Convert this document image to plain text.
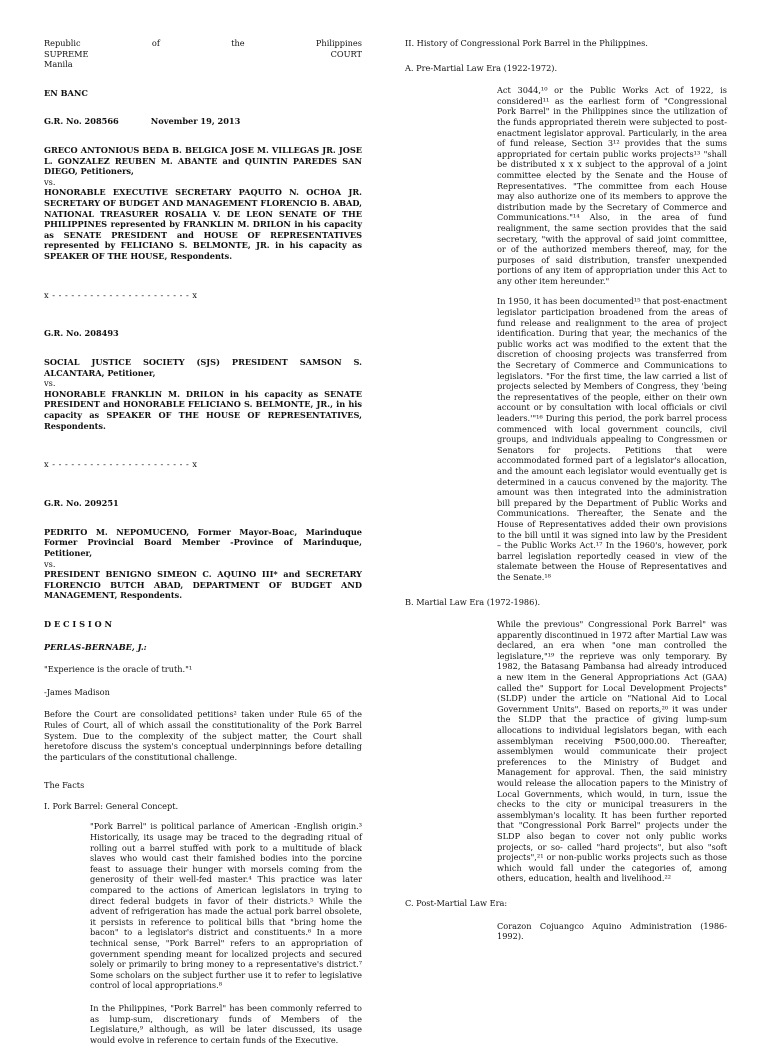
Republic	of	the	Philippines
SUPREME	COURT

Manila

EN BANC

G.R. No. 208566	November 19, 2013

GRECO ANTONIOUS BEDA B. BELGICA JOSE M. VILLEGAS JR. JOSE L. GONZALEZ REUBEN M. ABANTE and QUINTIN PAREDES SAN DIEGO, Petitioners,

vs.

HONORABLE EXECUTIVE SECRETARY PAQUITO N. OCHOA JR. SECRETARY OF BUDGET AND MANAGEMENT FLORENCIO B. ABAD, NATIONAL TREASURER ROSALIA V. DE LEON SENATE OF THE PHILIPPINES represented by FRANKLIN M. DRILON in his capacity as SENATE PRESIDENT and HOUSE OF REPRESENTATIVES represented by FELICIANO S. BELMONTE, JR. in his capacity as SPEAKER OF THE HOUSE, Respondents.

x - - - - - - - - - - - - - - - - - - - - - - x

G.R. No. 208493

SOCIAL JUSTICE SOCIETY (SJS) PRESIDENT SAMSON S. ALCANTARA, Petitioner,

vs.

HONORABLE FRANKLIN M. DRILON in his capacity as SENATE PRESIDENT and HONORABLE FELICIANO S. BELMONTE, JR., in his capacity as SPEAKER OF THE HOUSE OF REPRESENTATIVES, Respondents.

x - - - - - - - - - - - - - - - - - - - - - - x

G.R. No. 209251

PEDRITO M. NEPOMUCENO, Former Mayor-Boac, Marinduque Former Provincial Board Member -Province of Marinduque, Petitioner,

vs.

PRESIDENT BENIGNO SIMEON C. AQUINO III* and SECRETARY FLORENCIO BUTCH ABAD, DEPARTMENT OF BUDGET AND MANAGEMENT, Respondents.

D E C I S I O N

PERLAS-BERNABE, J.:

"Experience is the oracle of truth."¹

-James Madison

Before the Court are consolidated petitions² taken under Rule 65 of the Rules of Court, all of which assail the constitutionality of the Pork Barrel System. Due to the complexity of the subject matter, the Court shall heretofore discuss the system's conceptual underpinnings before detailing the particulars of the constitutional challenge.

The Facts

I. Pork Barrel: General Concept.

"Pork Barrel" is political parlance of American -English origin.³ Historically, its usage may be traced to the degrading ritual of rolling out a barrel stuffed with pork to a multitude of black slaves who would cast their famished bodies into the porcine feast to assuage their hunger with morsels coming from the generosity of their well-fed master.⁴ This practice was later compared to the actions of American legislators in trying to direct federal budgets in favor of their districts.⁵ While the advent of refrigeration has made the actual pork barrel obsolete, it persists in reference to political bills that "bring home the bacon" to a legislator's district and constituents.⁶ In a more technical sense, "Pork Barrel" refers to an appropriation of government spending meant for localized projects and secured solely or primarily to bring money to a representative's district.⁷ Some scholars on the subject further use it to refer to legislative control of local appropriations.⁸

In the Philippines, "Pork Barrel" has been commonly referred to as lump-sum, discretionary funds of Members of the Legislature,⁹ although, as will be later discussed, its usage would evolve in reference to certain funds of the Executive.

II. History of Congressional Pork Barrel in the Philippines.

A. Pre-Martial Law Era (1922-1972).

Act 3044,¹⁰ or the Public Works Act of 1922, is considered¹¹ as the earliest form of "Congressional Pork Barrel" in the Philippines since the utilization of the funds appropriated therein were subjected to post-enactment legislator approval. Particularly, in the area of fund release, Section 3¹² provides that the sums appropriated for certain public works projects¹³ "shall be distributed x x x subject to the approval of a joint committee elected by the Senate and the House of Representatives. "The committee from each House may also authorize one of its members to approve the distribution made by the Secretary of Commerce and Communications."¹⁴ Also, in the area of fund realignment, the same section provides that the said secretary, "with the approval of said joint committee, or of the authorized members thereof, may, for the purposes of said distribution, transfer unexpended portions of any item of appropriation under this Act to any other item hereunder."

In 1950, it has been documented¹⁵ that post-enactment legislator participation broadened from the areas of fund release and realignment to the area of project identification. During that year, the mechanics of the public works act was modified to the extent that the discretion of choosing projects was transferred from the Secretary of Commerce and Communications to legislators. "For the first time, the law carried a list of projects selected by Members of Congress, they 'being the representatives of the people, either on their own account or by consultation with local officials or civil leaders.'"¹⁶ During this period, the pork barrel process commenced with local government councils, civil groups, and individuals appealing to Congressmen or Senators for projects. Petitions that were accommodated formed part of a legislator's allocation, and the amount each legislator would eventually get is determined in a caucus convened by the majority. The amount was then integrated into the administration bill prepared by the Department of Public Works and Communications. Thereafter, the Senate and the House of Representatives added their own provisions to the bill until it was signed into law by the President – the Public Works Act.¹⁷ In the 1960's, however, pork barrel legislation reportedly ceased in view of the stalemate between the House of Representatives and the Senate.¹⁸

B. Martial Law Era (1972-1986).

While the previous" Congressional Pork Barrel" was apparently discontinued in 1972 after Martial Law was declared, an era when "one man controlled the legislature,"¹⁹ the reprieve was only temporary. By 1982, the Batasang Pambansa had already introduced a new item in the General Appropriations Act (GAA) called the" Support for Local Development Projects" (SLDP) under the article on "National Aid to Local Government Units". Based on reports,²⁰ it was under the SLDP that the practice of giving lump-sum allocations to individual legislators began, with each assemblyman receiving ₱500,000.00. Thereafter, assemblymen would communicate their project preferences to the Ministry of Budget and Management for approval. Then, the said ministry would release the allocation papers to the Ministry of Local Governments, which would, in turn, issue the checks to the city or municipal treasurers in the assemblyman's locality. It has been further reported that "Congressional Pork Barrel" projects under the SLDP also began to cover not only public works projects, or so- called "hard projects", but also "soft projects",²¹ or non-public works projects such as those which would fall under the categories of, among others, education, health and livelihood.²²

C. Post-Martial Law Era:

Corazon Cojuangco Aquino Administration (1986-1992).
